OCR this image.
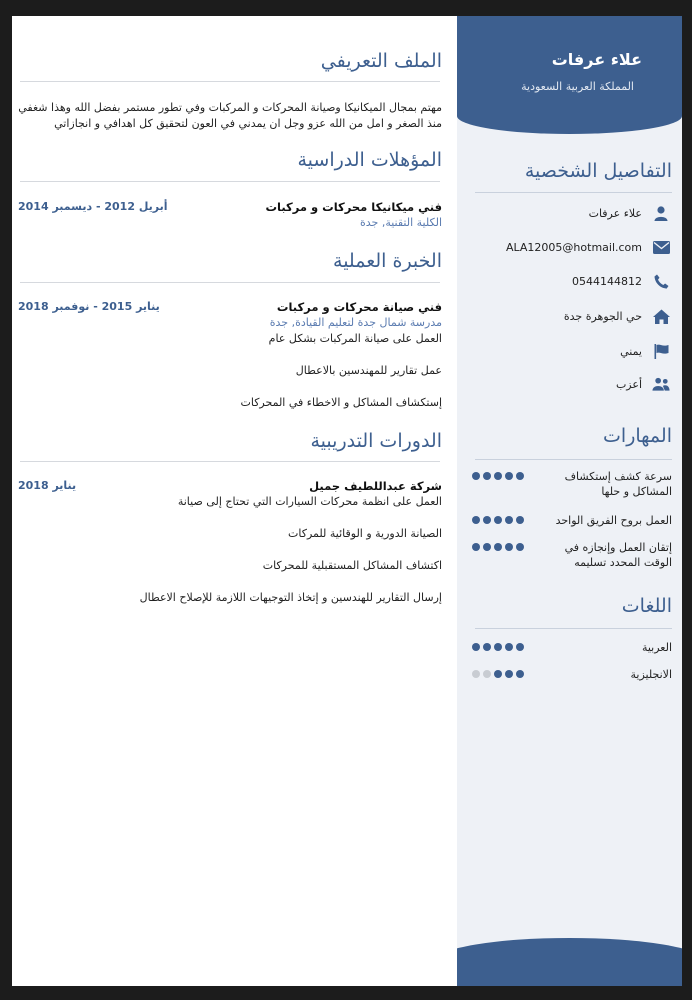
علاء عرفات
المملكة العربية السعودية
التفاصيل الشخصية
علاء عرفات
ALA12005@hotmail.com
0544144812
حي الجوهرة جدة
يمني
أعزب
المهارات
سرعة كشف إستكشاف المشاكل و حلها
العمل بروح الفريق الواحد
إتقان العمل وإنجازه في الوقت المحدد تسليمه
اللغات
العربية
الانجليزية
الملف التعريفي
مهتم بمجال الميكانيكا وصيانة المحركات و المركبات وفي تطور مستمر بفضل الله وهذا شغفي منذ الصغر و امل من الله عزو وجل ان يمدني في العون لتحقيق كل اهدافي و انجازاتي
المؤهلات الدراسية
فني ميكانيكا محركات و مركبات
الكلية التقنية, جدة
أبريل 2012 - ديسمبر 2014
الخبرة العملية
فني صيانة محركات و مركبات
مدرسة شمال جدة لتعليم القيادة, جدة
يناير 2015 - نوفمبر 2018
العمل على صيانة المركبات بشكل عام
عمل تقارير للمهندسين بالاعطال
إستكشاف المشاكل و الاخطاء في المحركات
الدورات التدريبية
شركة عبداللطيف جميل
يناير 2018
العمل على انظمة محركات السيارات التي تحتاج إلى صيانة
الصيانة الدورية و الوقائية للمركات
اكتشاف المشاكل المستقبلية للمحركات
إرسال التقارير للهندسين و إتخاذ التوجيهات اللازمة للإصلاح الاعطال
